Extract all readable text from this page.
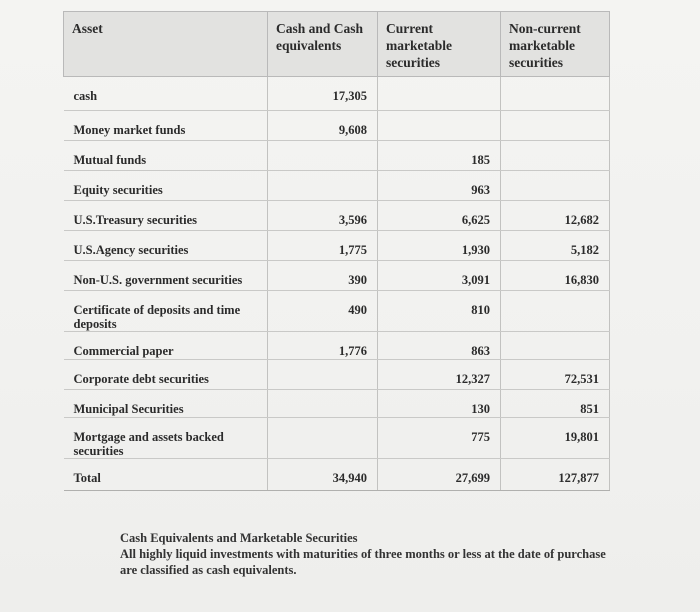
Asset	Cash and Cash equivalents	Current marketable securities	Non-current marketable securities
cash	17,305		
Money market funds	9,608		
Mutual funds		185	
Equity securities		963	
U.S.Treasury securities	3,596	6,625	12,682
U.S.Agency securities	1,775	1,930	5,182
Non-U.S. government securities	390	3,091	16,830
Certificate of deposits and time deposits	490	810	
Commercial paper	1,776	863	
Corporate debt securities		12,327	72,531
Municipal Securities		130	851
Mortgage and assets backed securities		775	19,801
Total	34,940	27,699	127,877

Cash Equivalents and Marketable Securities

All highly liquid investments with maturities of three months or less at the date of purchase are classified as cash equivalents.
